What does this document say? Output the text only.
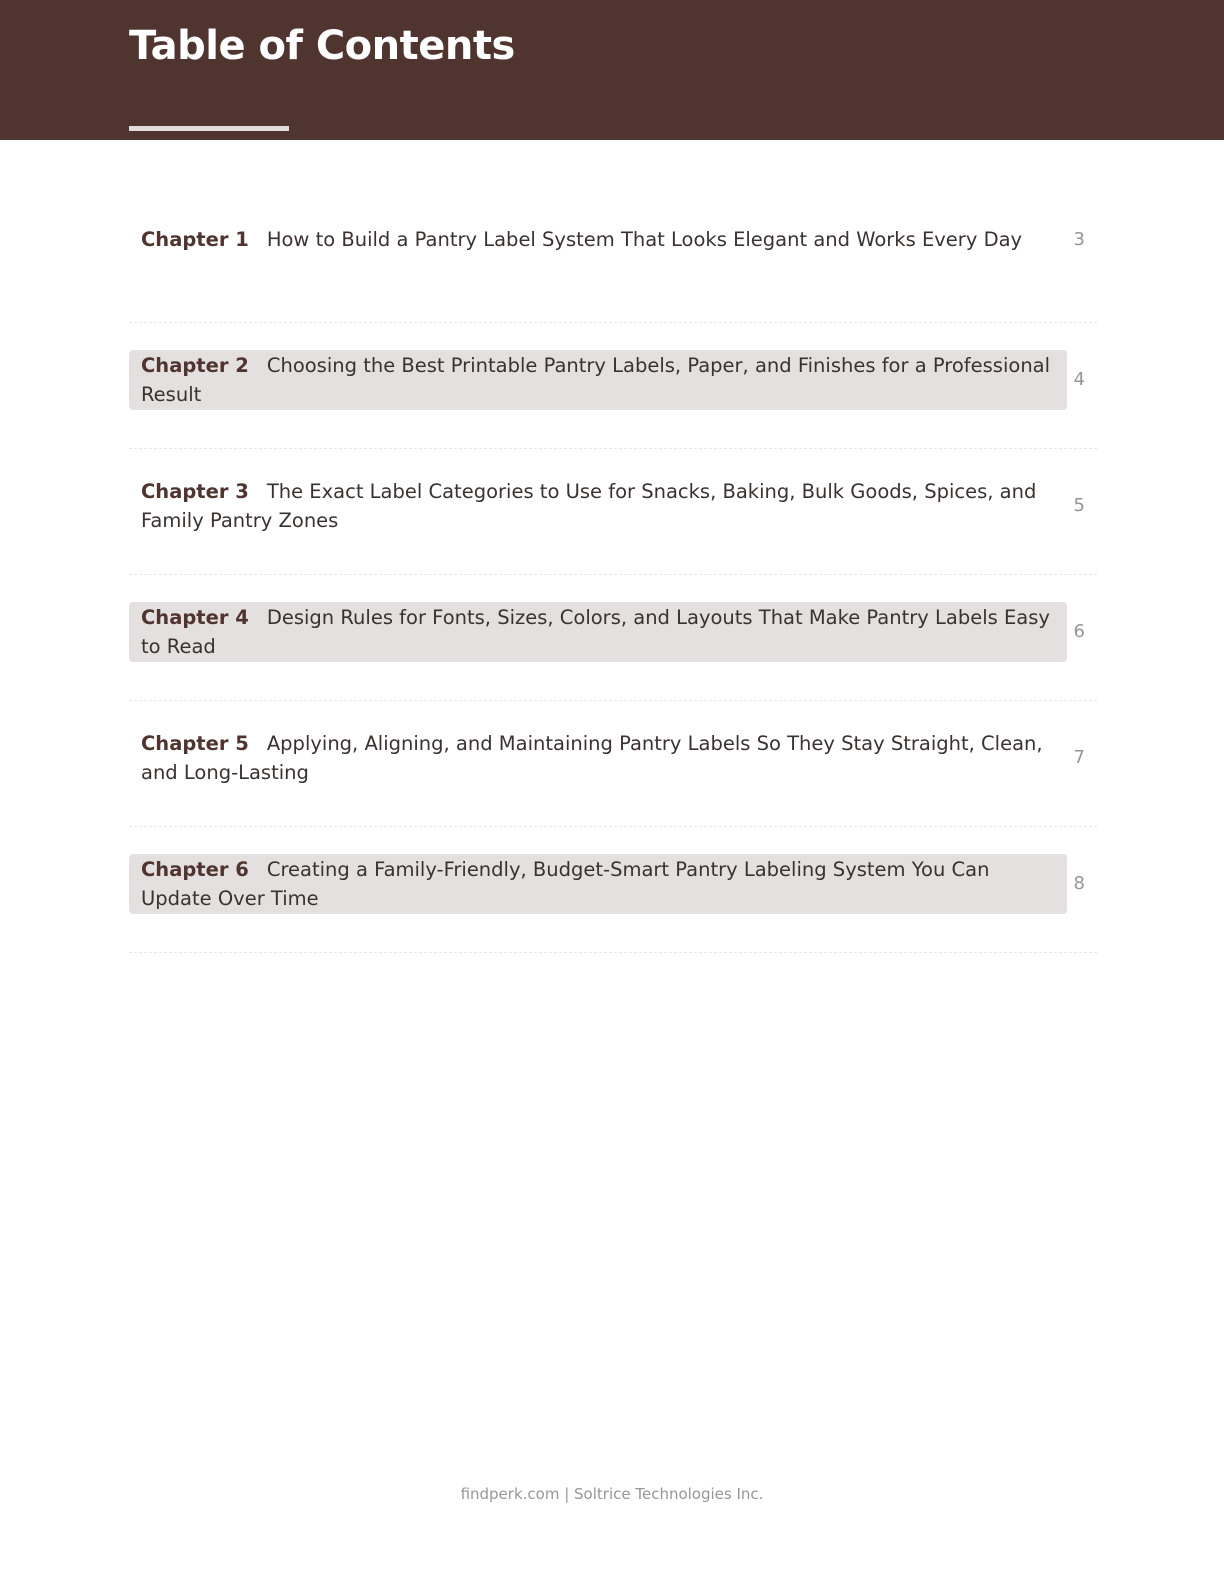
Table of Contents
Chapter 1 How to Build a Pantry Label System That Looks Elegant and Works Every Day	3
Chapter 2 Choosing the Best Printable Pantry Labels, Paper, and Finishes for a Professional Result
4
Chapter 3 The Exact Label Categories to Use for Snacks, Baking, Bulk Goods, Spices, and Family Pantry Zones
5
Chapter 4 Design Rules for Fonts, Sizes, Colors, and Layouts That Make Pantry Labels Easy to Read
6
Chapter 5 Applying, Aligning, and Maintaining Pantry Labels So They Stay Straight, Clean, and Long-Lasting
7
Chapter 6 Creating a Family-Friendly, Budget-Smart Pantry Labeling System You Can Update Over Time
8
findperk.com | Soltrice Technologies Inc.
